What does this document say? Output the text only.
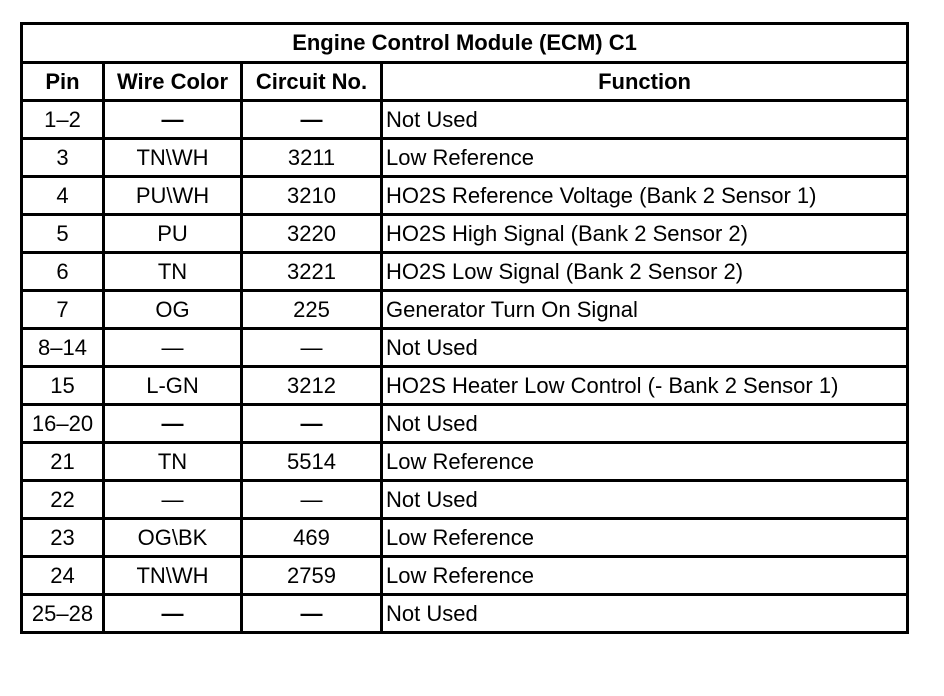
Engine Control Module (ECM) C1			
Pin	Wire Color	Circuit No.	Function
1–2	—	—	Not Used
3	TN\WH	3211	Low Reference
4	PU\WH	3210	HO2S Reference Voltage (Bank 2 Sensor 1)
5	PU	3220	HO2S High Signal (Bank 2 Sensor 2)
6	TN	3221	HO2S Low Signal (Bank 2 Sensor 2)
7	OG	225	Generator Turn On Signal
8–14	—	—	Not Used
15	L-GN	3212	HO2S Heater Low Control (- Bank 2 Sensor 1)
16–20	—	—	Not Used
21	TN	5514	Low Reference
22	—	—	Not Used
23	OG\BK	469	Low Reference
24	TN\WH	2759	Low Reference
25–28	—	—	Not Used
